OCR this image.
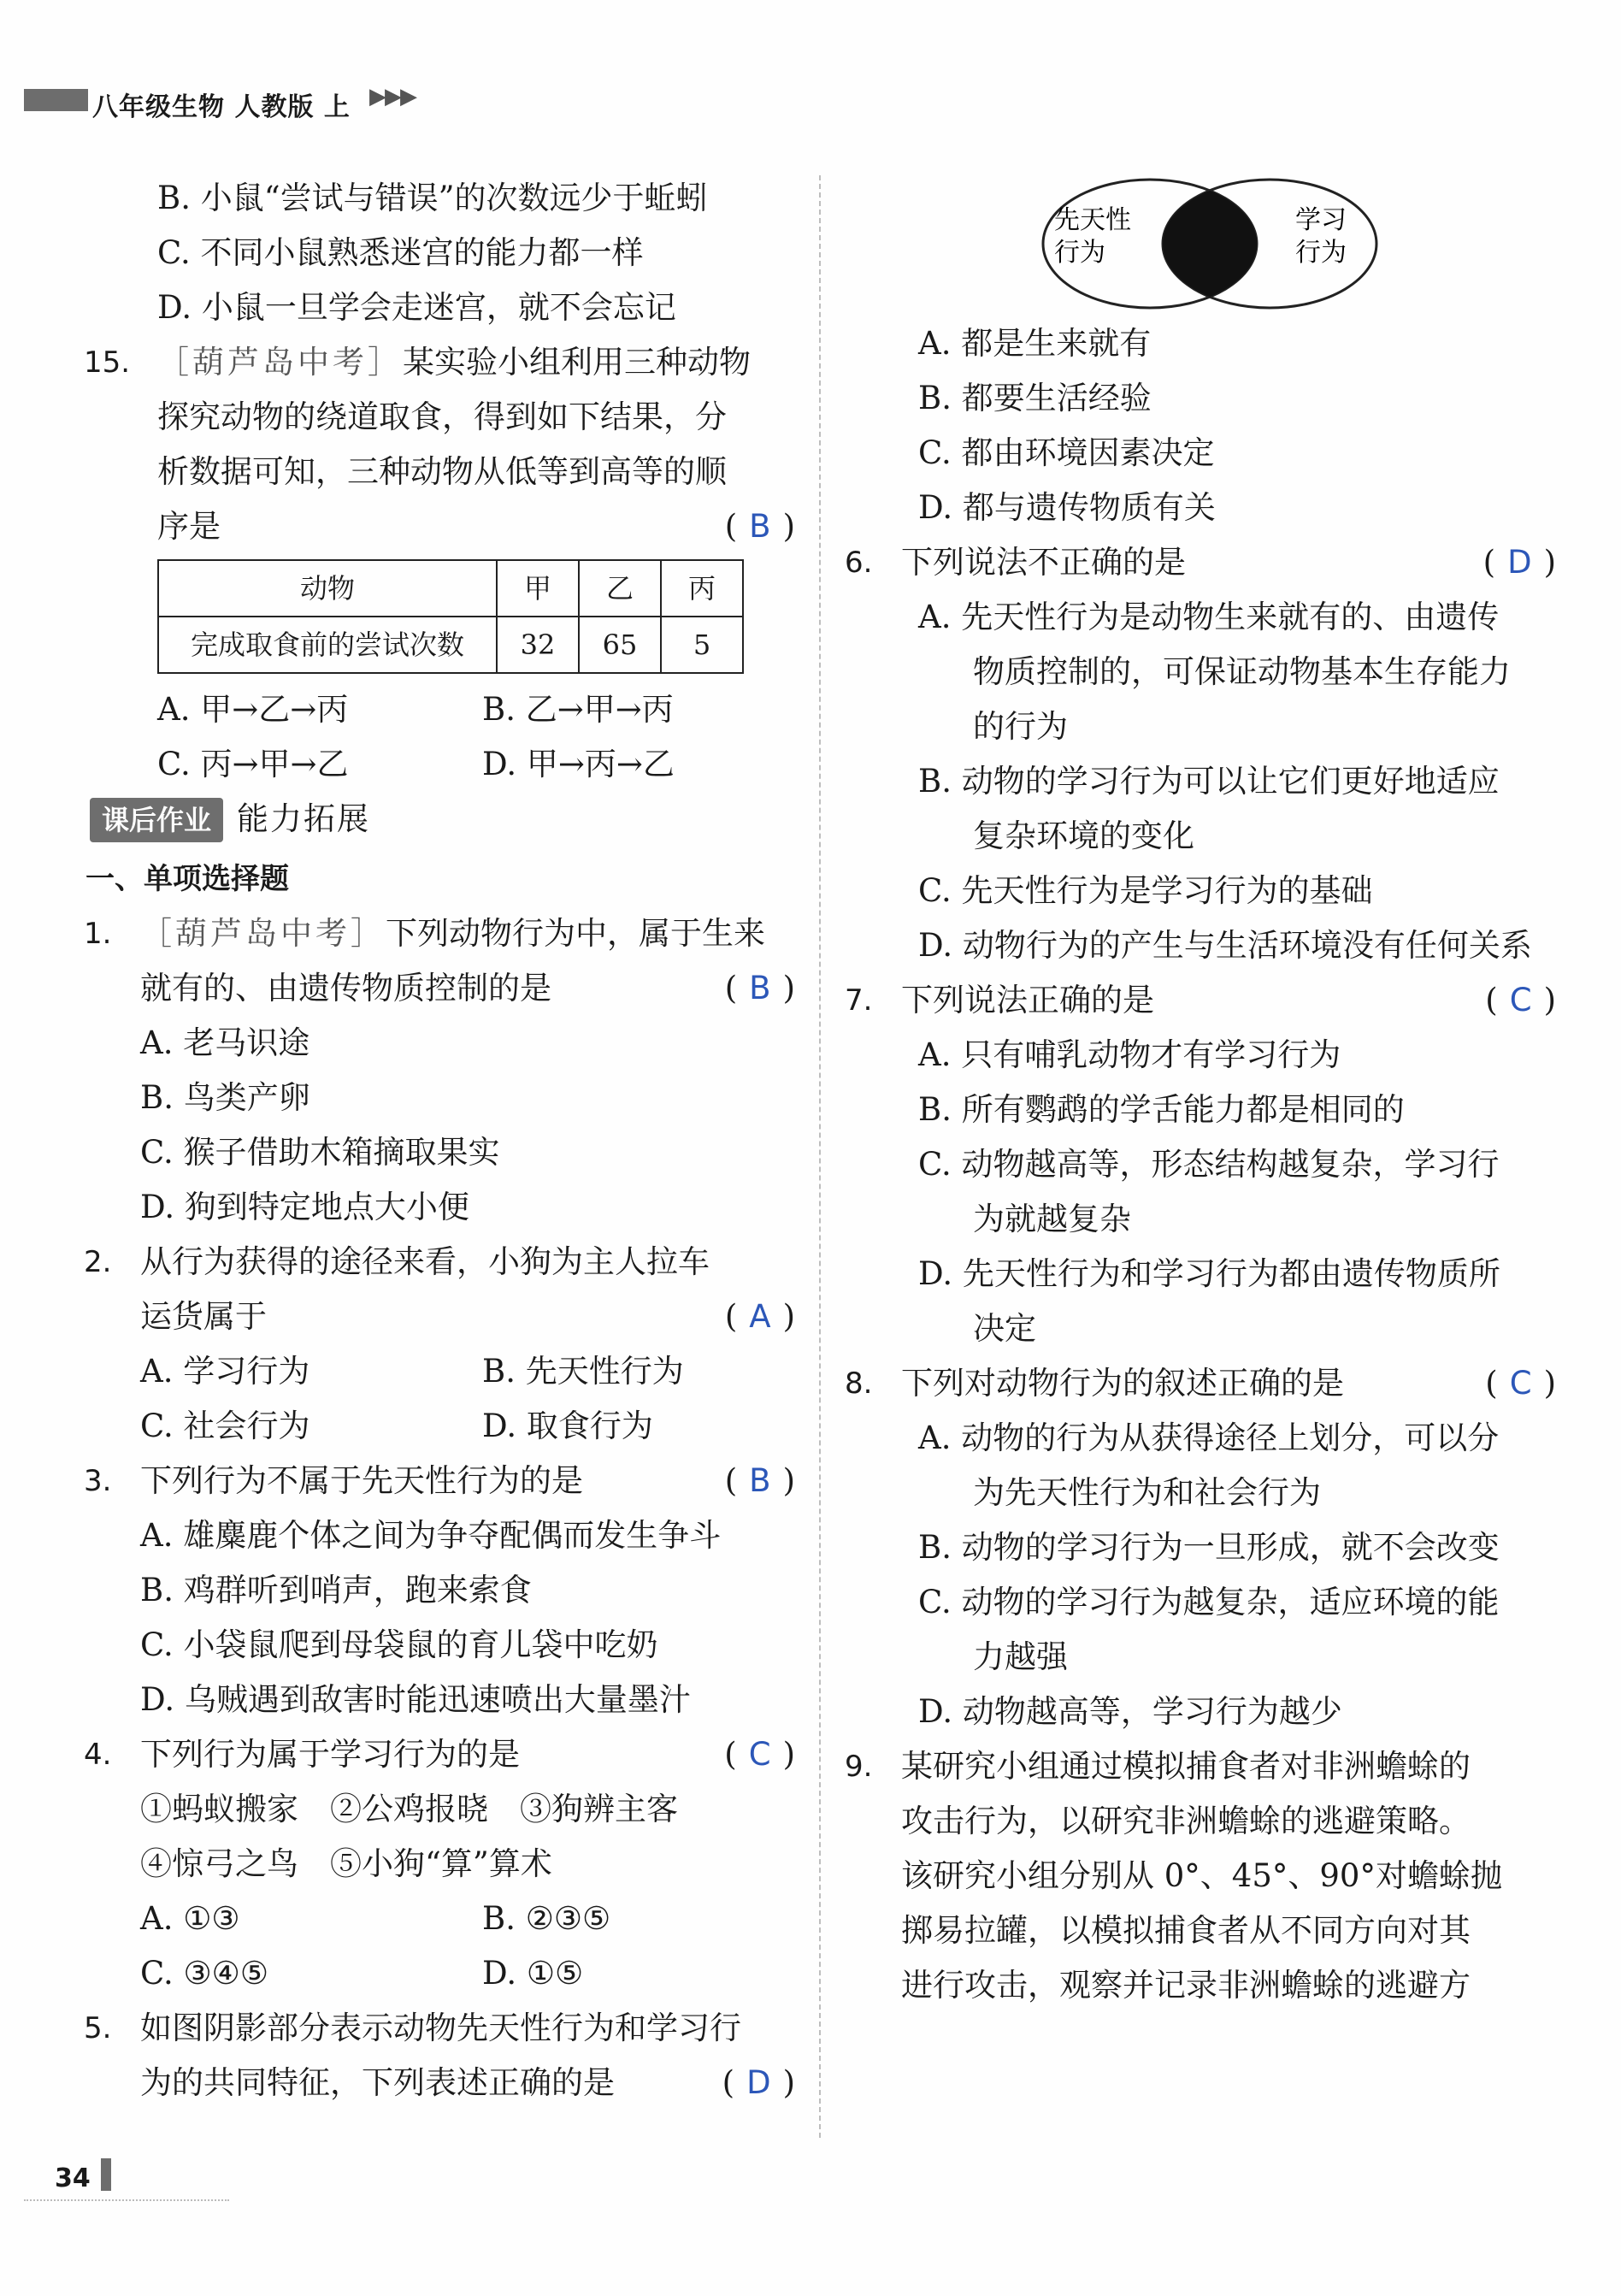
八年级生物 人教版 上 ▶▶▶
B. 小鼠“尝试与错误”的次数远少于蚯蚓
C. 不同小鼠熟悉迷宫的能力都一样
D. 小鼠一旦学会走迷宫，就不会忘记
15. ［葫芦岛中考］某实验小组利用三种动物
探究动物的绕道取食，得到如下结果，分
析数据可知，三种动物从低等到高等的顺
序是	( B )
动物	甲	乙	丙
完成取食前的尝试次数	32	65	5
A. 甲→乙→丙	B. 乙→甲→丙
C. 丙→甲→乙	D. 甲→丙→乙
课后作业 能力拓展
一、单项选择题
1. ［葫芦岛中考］下列动物行为中，属于生来
就有的、由遗传物质控制的是	( B )
A. 老马识途
B. 鸟类产卵
C. 猴子借助木箱摘取果实
D. 狗到特定地点大小便
2. 从行为获得的途径来看，小狗为主人拉车
运货属于	( A )
A. 学习行为	B. 先天性行为
C. 社会行为	D. 取食行为
3. 下列行为不属于先天性行为的是	( B )
A. 雄麋鹿个体之间为争夺配偶而发生争斗
B. 鸡群听到哨声，跑来索食
C. 小袋鼠爬到母袋鼠的育儿袋中吃奶
D. 乌贼遇到敌害时能迅速喷出大量墨汁
4. 下列行为属于学习行为的是	( C )
①蚂蚁搬家　②公鸡报晓　③狗辨主客
④惊弓之鸟　⑤小狗“算”算术
A. ①③	B. ②③⑤
C. ③④⑤	D. ①⑤
5. 如图阴影部分表示动物先天性行为和学习行
为的共同特征，下列表述正确的是	( D )
先天性
行为
学习
行为
A. 都是生来就有
B. 都要生活经验
C. 都由环境因素决定
D. 都与遗传物质有关
6. 下列说法不正确的是	( D )
A. 先天性行为是动物生来就有的、由遗传
物质控制的，可保证动物基本生存能力
的行为
B. 动物的学习行为可以让它们更好地适应
复杂环境的变化
C. 先天性行为是学习行为的基础
D. 动物行为的产生与生活环境没有任何关系
7. 下列说法正确的是	( C )
A. 只有哺乳动物才有学习行为
B. 所有鹦鹉的学舌能力都是相同的
C. 动物越高等，形态结构越复杂，学习行
为就越复杂
D. 先天性行为和学习行为都由遗传物质所
决定
8. 下列对动物行为的叙述正确的是	( C )
A. 动物的行为从获得途径上划分，可以分
为先天性行为和社会行为
B. 动物的学习行为一旦形成，就不会改变
C. 动物的学习行为越复杂，适应环境的能
力越强
D. 动物越高等，学习行为越少
9. 某研究小组通过模拟捕食者对非洲蟾蜍的
攻击行为，以研究非洲蟾蜍的逃避策略。
该研究小组分别从 0°、45°、90°对蟾蜍抛
掷易拉罐，以模拟捕食者从不同方向对其
进行攻击，观察并记录非洲蟾蜍的逃避方
34
